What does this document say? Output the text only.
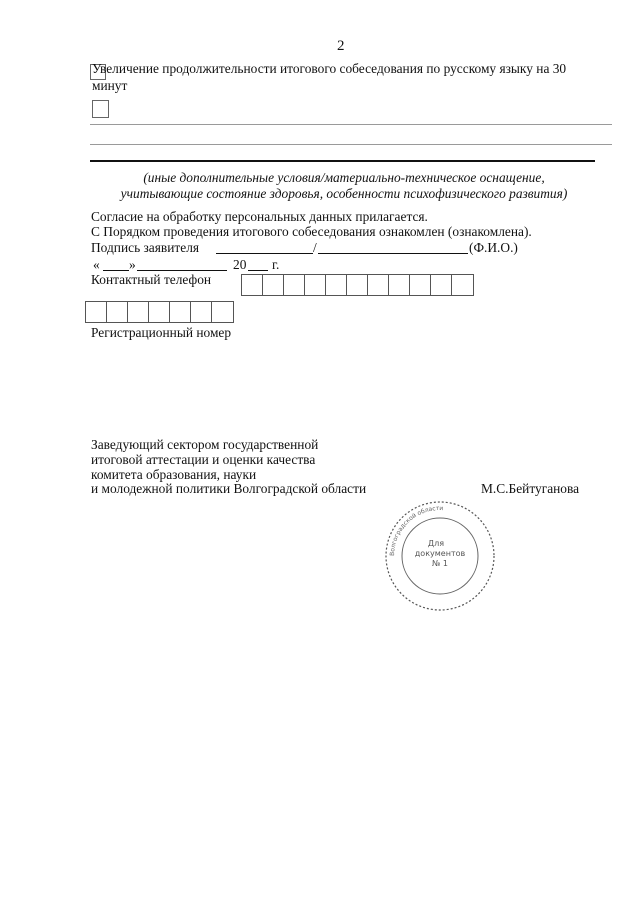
2
Увеличение продолжительности итогового собеседования по русскому языку на 30
минут
(иные дополнительные условия/материально-техническое оснащение,
учитывающие состояние здоровья, особенности психофизического развития)
Согласие на обработку персональных данных прилагается.
С Порядком проведения итогового собеседования ознакомлен (ознакомлена).
Подпись заявителя	/	(Ф.И.О.)
« »	20 г.
Контактный телефон
Регистрационный номер
Заведующий сектором государственной
итоговой аттестации и оценки качества
комитета образования, науки
и молодежной политики Волгоградской области	М.С.Бейтуганова
Волгоградской области
Для
документов
№ 1
